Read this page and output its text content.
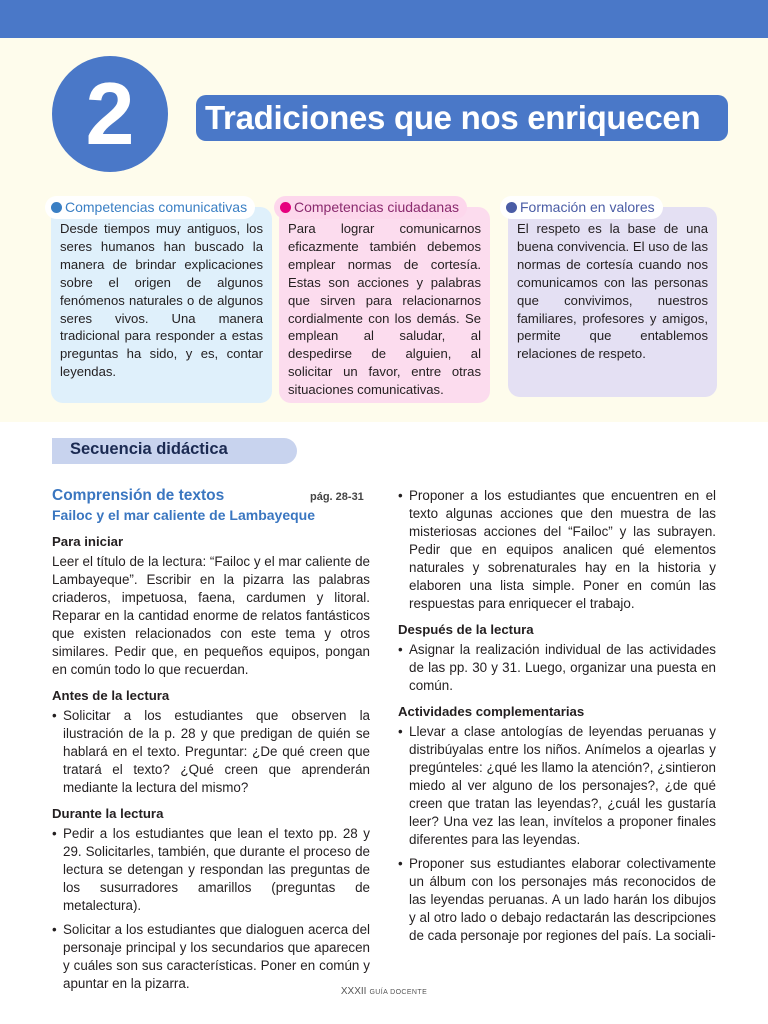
2	Tradiciones que nos enriquecen
Desde tiempos muy antiguos, los seres humanos han buscado la manera de brindar explicaciones sobre el origen de algunos fenómenos naturales o de algunos seres vivos. Una manera tradicional para responder a estas preguntas ha sido, y es, contar leyendas.
Para lograr comunicarnos eficazmente también debemos emplear normas de cortesía. Estas son acciones y palabras que sirven para relacionarnos cordialmente con los demás. Se emplean al saludar, al despedirse de alguien, al solicitar un favor, entre otras situaciones comunicativas.
El respeto es la base de una buena convivencia. El uso de las normas de cortesía cuando nos comunicamos con las personas que convivimos, nuestros familiares, profesores y amigos, permite que entablemos relaciones de respeto.
Competencias comunicativas	Competencias ciudadanas	Formación en valores
Secuencia didáctica
Comprensión de textos	pág. 28-31
Failoc y el mar caliente de Lambayeque
Para iniciar
Leer el título de la lectura: “Failoc y el mar caliente de Lambayeque”. Escribir en la pizarra las palabras criaderos, impetuosa, faena, cardumen y litoral. Reparar en la cantidad enorme de relatos fantásticos que existen relacionados con este tema y otros similares. Pedir que, en pequeños equipos, pongan en común todo lo que recuerdan.
Antes de la lectura
• Solicitar a los estudiantes que observen la ilustración de la p. 28 y que predigan de quién se hablará en el texto. Preguntar: ¿De qué creen que tratará el texto? ¿Qué creen que aprenderán mediante la lectura del mismo?
Durante la lectura
• Pedir a los estudiantes que lean el texto pp. 28 y 29. Solicitarles, también, que durante el proceso de lectura se detengan y respondan las preguntas de los susurradores amarillos (preguntas de metalectura).
• Solicitar a los estudiantes que dialoguen acerca del personaje principal y los secundarios que aparecen y cuáles son sus características. Poner en común y apuntar en la pizarra.
• Proponer a los estudiantes que encuentren en el texto algunas acciones que den muestra de las misteriosas acciones del “Failoc” y las subrayen. Pedir que en equipos analicen qué elementos naturales y sobrenaturales hay en la historia y elaboren una lista simple. Poner en común las respuestas para enriquecer el trabajo.
Después de la lectura
• Asignar la realización individual de las actividades de las pp. 30 y 31. Luego, organizar una puesta en común.
Actividades complementarias
• Llevar a clase antologías de leyendas peruanas y distribúyalas entre los niños. Anímelos a ojearlas y pregúnteles: ¿qué les llamo la atención?, ¿sintieron miedo al ver alguno de los personajes?, ¿de qué creen que tratan las leyendas?, ¿cuál les gustaría leer? Una vez las lean, invítelos a proponer finales diferentes para las leyendas.
• Proponer sus estudiantes elaborar colectivamente un álbum con los personajes más reconocidos de las leyendas peruanas. A un lado harán los dibujos y al otro lado o debajo redactarán las descripciones de cada personaje por regiones del país. La sociali-
XXXII GUÍA DOCENTE
